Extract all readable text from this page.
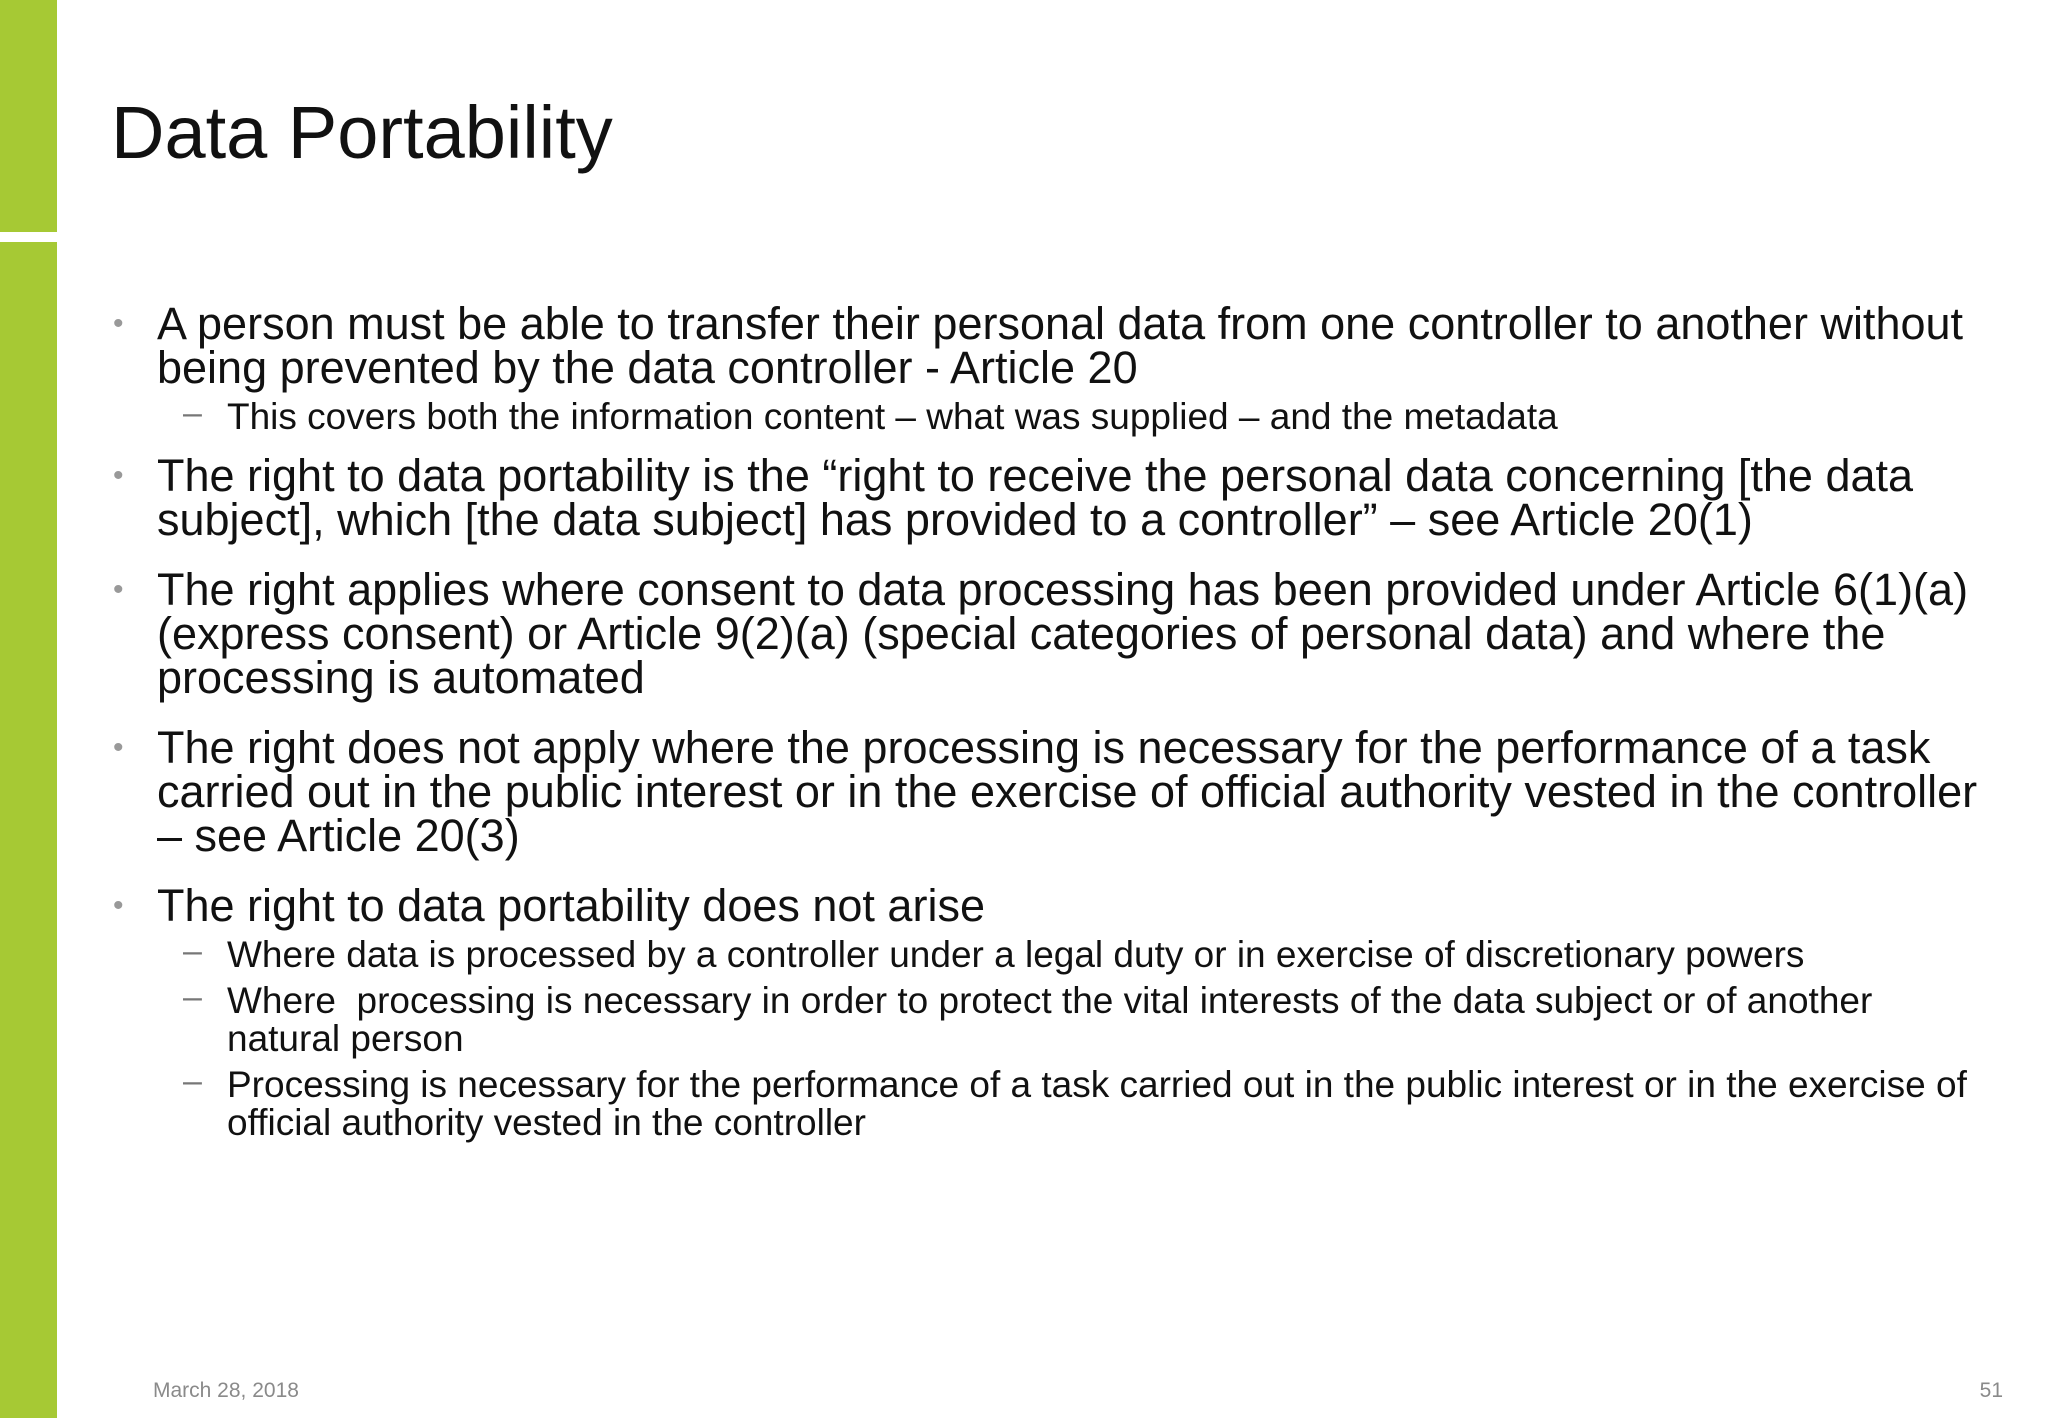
Data Portability
• A person must be able to transfer their personal data from one controller to another without being prevented by the data controller - Article 20
– This covers both the information content – what was supplied – and the metadata
• The right to data portability is the “right to receive the personal data concerning [the data subject], which [the data subject] has provided to a controller” – see Article 20(1)
• The right applies where consent to data processing has been provided under Article 6(1)(a) (express consent) or Article 9(2)(a) (special categories of personal data) and where the processing is automated
• The right does not apply where the processing is necessary for the performance of a task carried out in the public interest or in the exercise of official authority vested in the controller – see Article 20(3)
• The right to data portability does not arise
– Where data is processed by a controller under a legal duty or in exercise of discretionary powers
– Where  processing is necessary in order to protect the vital interests of the data subject or of another natural person
– Processing is necessary for the performance of a task carried out in the public interest or in the exercise of official authority vested in the controller
March 28, 2018	51
